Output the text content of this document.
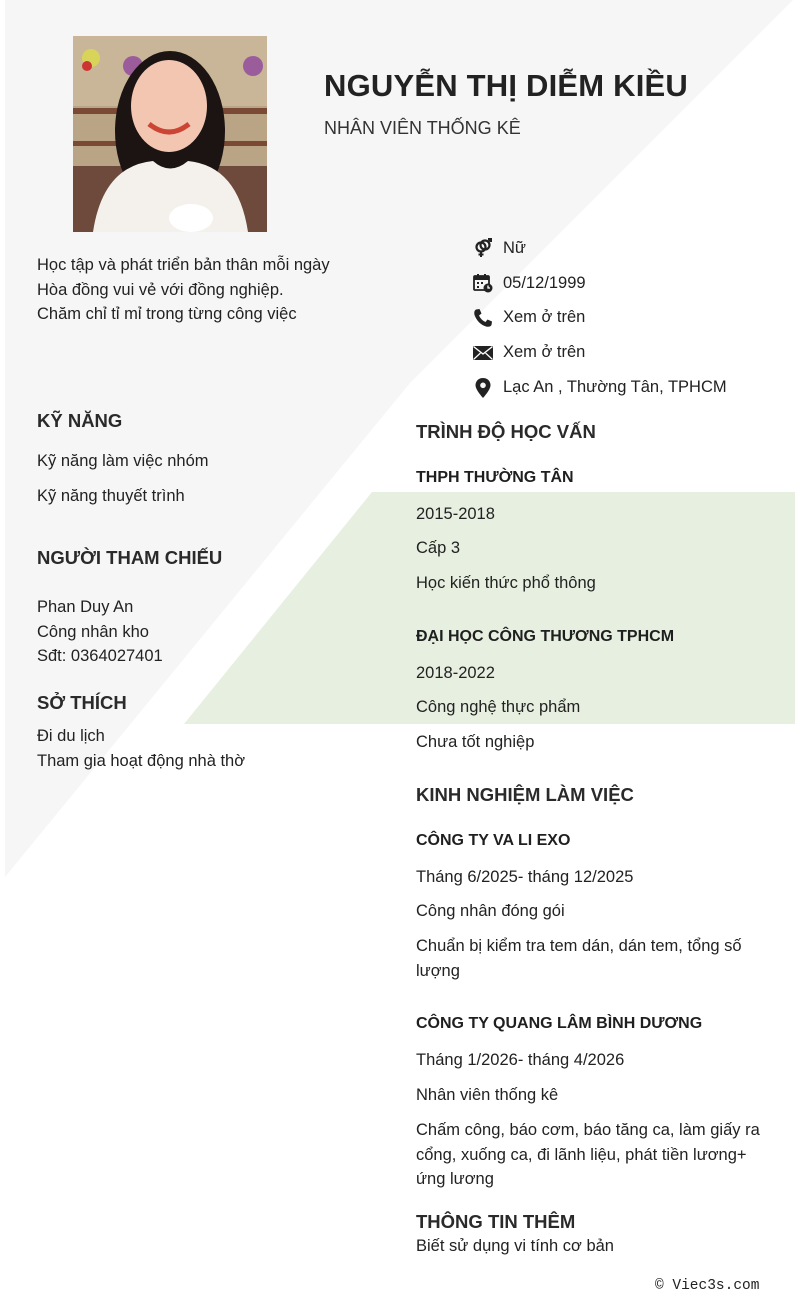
NGUYỄN THỊ DIỄM KIỀU
NHÂN VIÊN THỐNG KÊ
Học tập và phát triển bản thân mỗi ngày
Hòa đồng vui vẻ với đồng nghiệp.
Chăm chỉ tỉ mỉ trong từng công việc
Nữ
05/12/1999
Xem ở trên
Xem ở trên
Lạc An , Thường Tân, TPHCM
KỸ NĂNG
Kỹ năng làm việc nhóm
Kỹ năng thuyết trình
NGƯỜI THAM CHIẾU
Phan Duy An
Công nhân kho
Sđt: 0364027401
SỞ THÍCH
Đi du lịch
Tham gia hoạt động nhà thờ
TRÌNH ĐỘ HỌC VẤN
THPH THƯỜNG TÂN
2015-2018
Cấp 3
Học kiến thức phổ thông
ĐẠI HỌC CÔNG THƯƠNG TPHCM
2018-2022
Công nghệ thực phẩm
Chưa tốt nghiệp
KINH NGHIỆM LÀM VIỆC
CÔNG TY VA LI EXO
Tháng 6/2025- tháng 12/2025
Công nhân đóng gói
Chuẩn bị kiểm tra tem dán, dán tem, tổng số lượng
CÔNG TY QUANG LÂM BÌNH DƯƠNG
Tháng 1/2026- tháng 4/2026
Nhân viên thống kê
Chấm công, báo cơm, báo tăng ca, làm giấy ra cổng, xuống ca, đi lãnh liệu, phát tiền lương+ ứng lương
THÔNG TIN THÊM
Biết sử dụng vi tính cơ bản
© Viec3s.com
